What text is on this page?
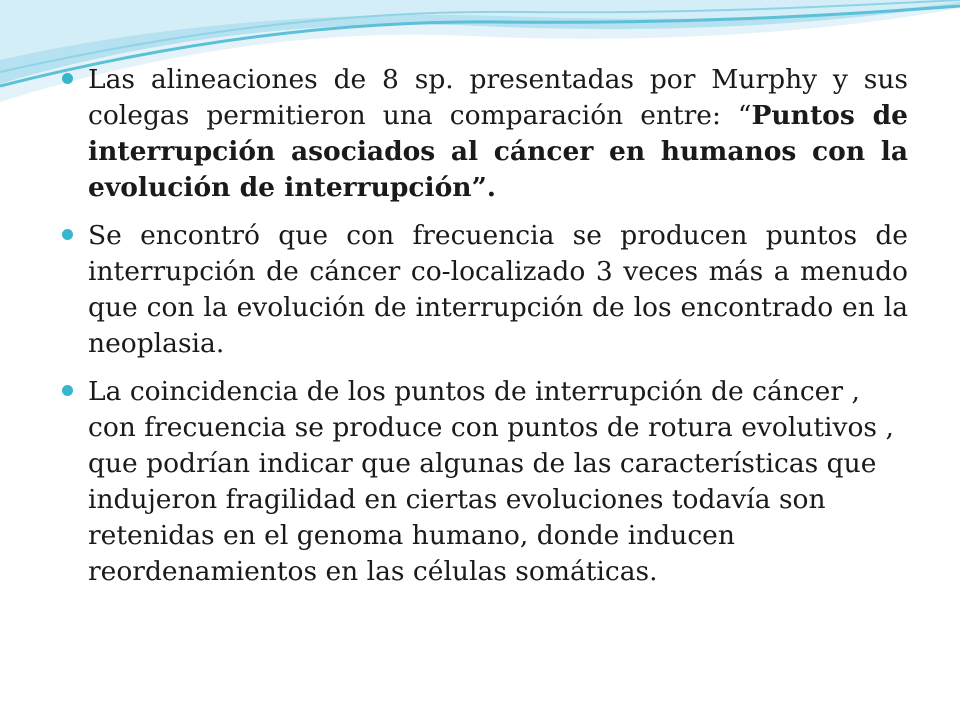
Las alineaciones de 8 sp. presentadas por Murphy y sus colegas permitieron una comparación entre: “Puntos de interrupción asociados al cáncer en humanos con la evolución de interrupción”.
Se encontró que con frecuencia se producen puntos de interrupción de cáncer co-localizado 3 veces más a menudo que con la evolución de interrupción de los encontrado en la neoplasia.
La coincidencia de los puntos de interrupción de cáncer , con frecuencia se produce con puntos de rotura evolutivos , que podrían indicar que algunas de las características que indujeron fragilidad en ciertas evoluciones todavía son retenidas en el genoma humano, donde inducen reordenamientos en las células somáticas.
